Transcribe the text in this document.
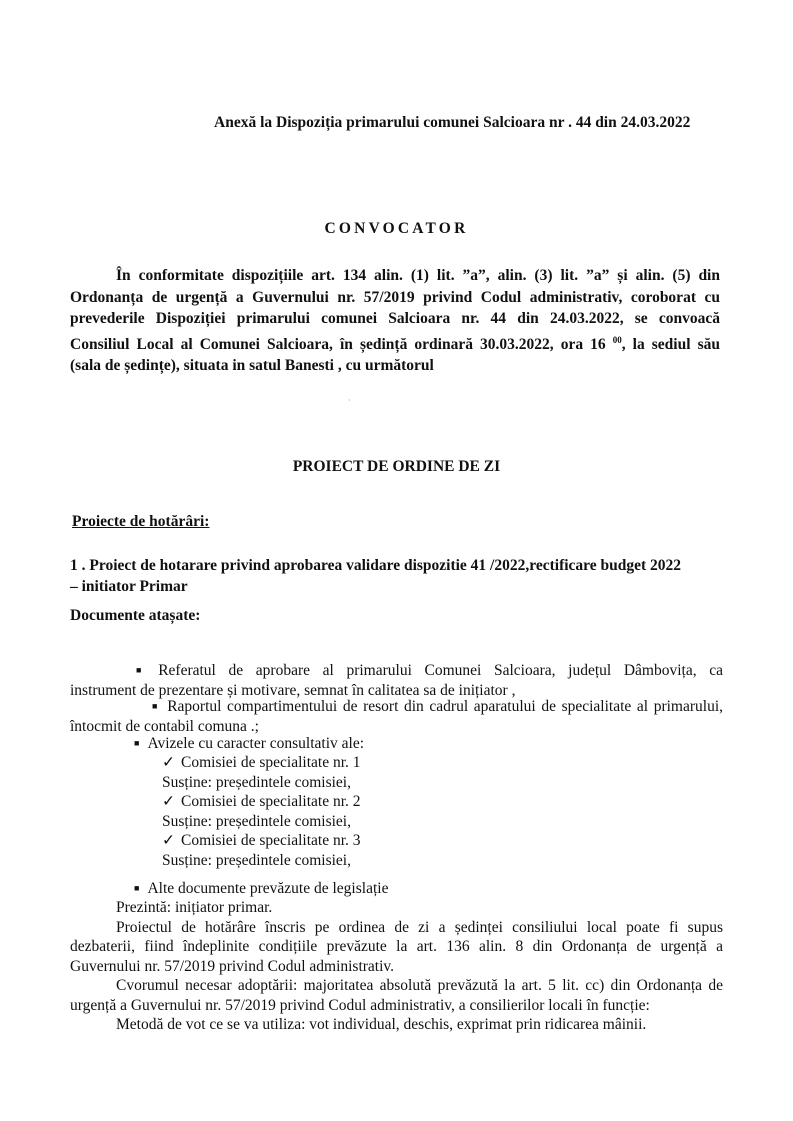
Anexă la Dispoziția primarului comunei Salcioara nr . 44 din 24.03.2022
CONVOCATOR
În conformitate dispozițiile art. 134 alin. (1) lit. ”a”, alin. (3) lit. ”a” și alin. (5) din
Ordonanța de urgență a Guvernului nr. 57/2019 privind Codul administrativ, coroborat cu
prevederile Dispoziției primarului comunei Salcioara nr. 44 din 24.03.2022, se convoacă
Consiliul Local al Comunei Salcioara, în ședință ordinară 30.03.2022, ora 16 $^{00}$, la sediul său
(sala de ședințe), situata in satul Banesti , cu următorul
·
PROIECT DE ORDINE DE ZI
Proiecte de hotărâri:
1 . Proiect de hotarare privind aprobarea validare dispozitie 41 /2022,rectificare budget 2022
– initiator Primar
Documente atașate:
■ Referatul de aprobare al primarului Comunei Salcioara, județul Dâmbovița, ca
instrument de prezentare și motivare, semnat în calitatea sa de inițiator ,
■ Raportul compartimentului de resort din cadrul aparatului de specialitate al primarului,
întocmit de contabil comuna .;
■ Avizele cu caracter consultativ ale:
✓ Comisiei de specialitate nr. 1
Susține: președintele comisiei,
✓ Comisiei de specialitate nr. 2
Susține: președintele comisiei,
✓ Comisiei de specialitate nr. 3
Susține: președintele comisiei,
■ Alte documente prevăzute de legislație
Prezintă: inițiator primar.
Proiectul de hotărâre înscris pe ordinea de zi a ședinței consiliului local poate fi supus
dezbaterii, fiind îndeplinite condițiile prevăzute la art. 136 alin. 8 din Ordonanța de urgență a
Guvernului nr. 57/2019 privind Codul administrativ.
Cvorumul necesar adoptării: majoritatea absolută prevăzută la art. 5 lit. cc) din Ordonanța de
urgență a Guvernului nr. 57/2019 privind Codul administrativ, a consilierilor locali în funcție:
Metodă de vot ce se va utiliza: vot individual, deschis, exprimat prin ridicarea mâinii.
